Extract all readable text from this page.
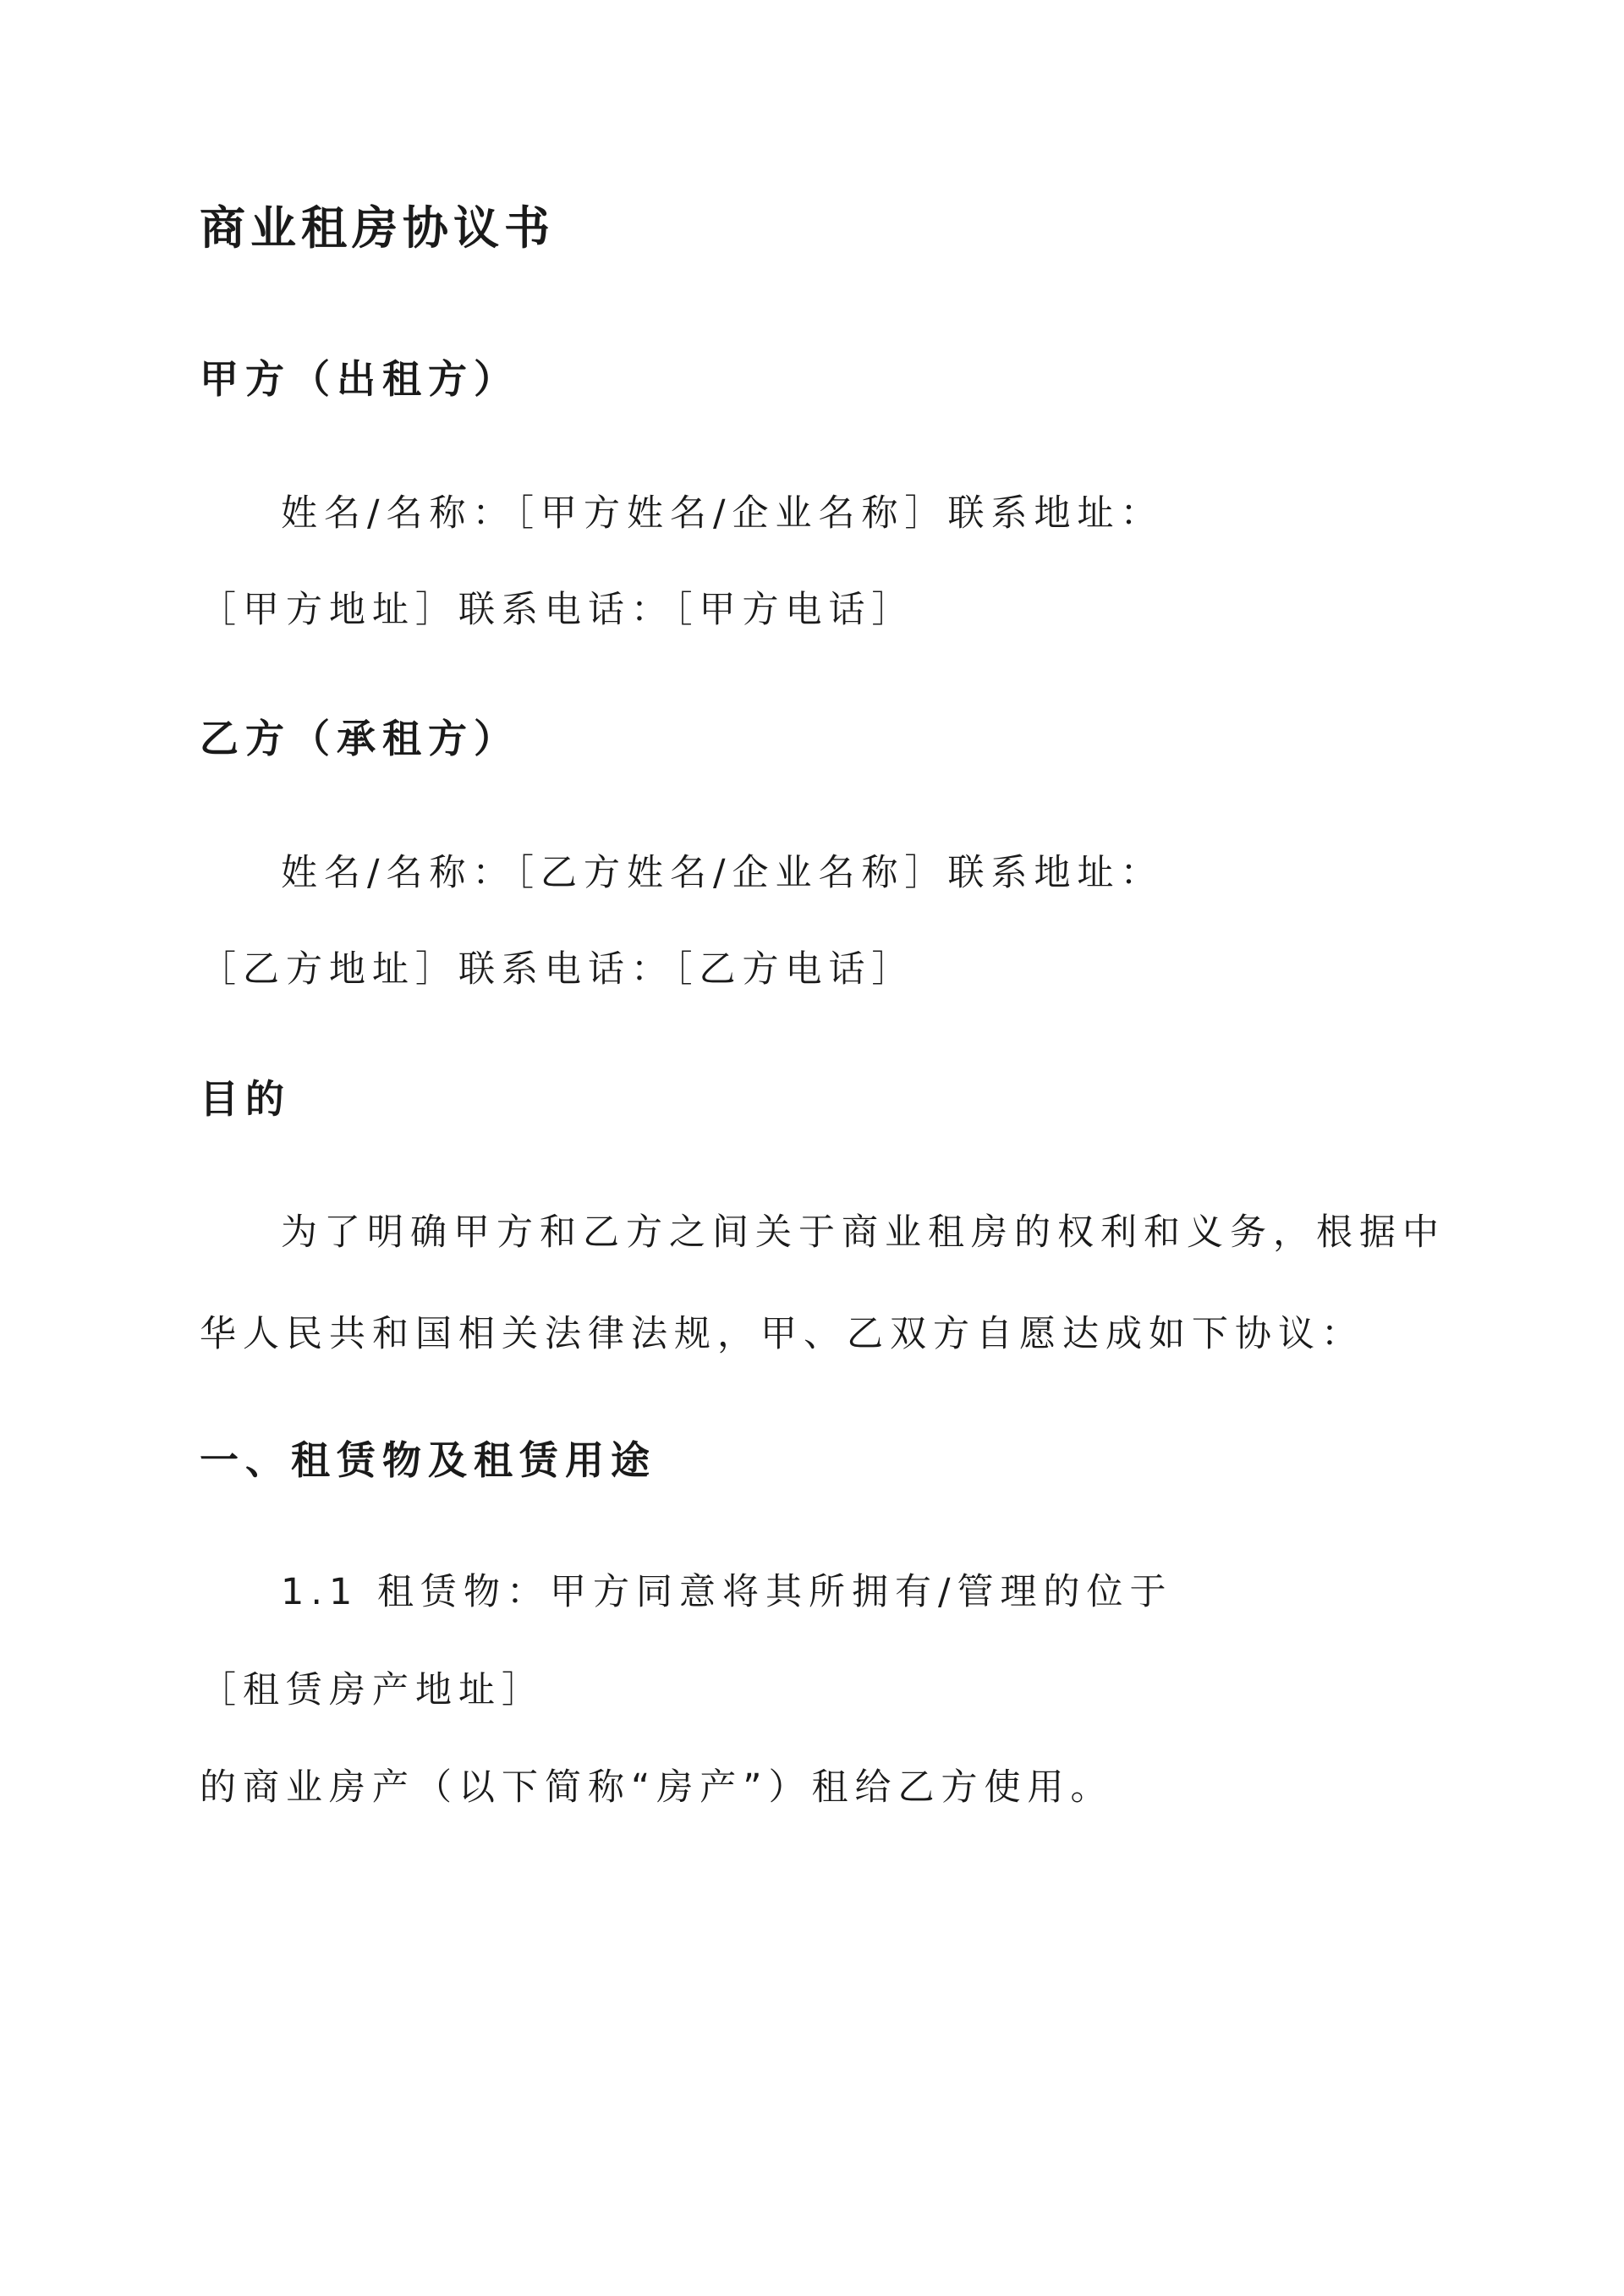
商业租房协议书
甲方（出租方）
姓名/名称：［甲方姓名/企业名称］联系地址：
［甲方地址］联系电话：［甲方电话］
乙方（承租方）
姓名/名称：［乙方姓名/企业名称］联系地址：
［乙方地址］联系电话：［乙方电话］
目的
为了明确甲方和乙方之间关于商业租房的权利和义务，根据中
华人民共和国相关法律法规，甲、乙双方自愿达成如下协议：
一、租赁物及租赁用途
1.1 租赁物：甲方同意将其所拥有/管理的位于
［租赁房产地址］
的商业房产（以下简称“房产”）租给乙方使用。
